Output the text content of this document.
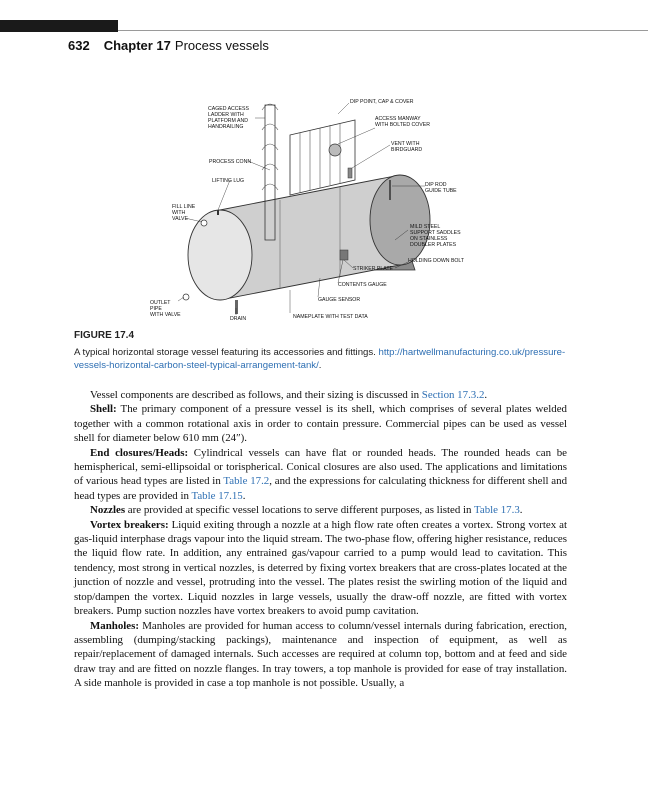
632 Chapter 17 Process vessels
DIP POINT, CAP & COVER
CAGED ACCESS
LADDER WITH
PLATFORM AND
HANDRAILING
ACCESS MANWAY
WITH BOLTED COVER
VENT WITH
BIRDGUARD
PROCESS CONN
LIFTING LUG
DIP ROD
GUIDE TUBE
FILL LINE
WITH
VALVE
MILD STEEL
SUPPORT SADDLES
ON STAINLESS
DOUBLER PLATES
HOLDING DOWN BOLT
STRIKER PLATE
CONTENTS GAUGE
GAUGE SENSOR
OUTLET
PIPE
WITH VALVE
DRAIN	NAMEPLATE WITH TEST DATA
FIGURE 17.4
A typical horizontal storage vessel featuring its accessories and fittings. http://hartwellmanufacturing.co.uk/pressure-vessels-horizontal-carbon-steel-typical-arrangement-tank/.

Vessel components are described as follows, and their sizing is discussed in Section 17.3.2.

Shell: The primary component of a pressure vessel is its shell, which comprises of several plates welded together with a common rotational axis in order to contain pressure. Commercial pipes can be used as vessel shell for diameter below 610 mm (24″).

End closures/Heads: Cylindrical vessels can have flat or rounded heads. The rounded heads can be hemispherical, semi-ellipsoidal or torispherical. Conical closures are also used. The applications and limitations of various head types are listed in Table 17.2, and the expressions for calculating thickness for different shell and head types are provided in Table 17.15.

Nozzles are provided at specific vessel locations to serve different purposes, as listed in Table 17.3.

Vortex breakers: Liquid exiting through a nozzle at a high flow rate often creates a vortex. Strong vortex at gas-liquid interphase drags vapour into the liquid stream. The two-phase flow, offering higher resistance, reduces the liquid flow rate. In addition, any entrained gas/vapour carried to a pump would lead to cavitation. This tendency, most strong in vertical nozzles, is deterred by fixing vortex breakers that are cross-plates located at the junction of nozzle and vessel, protruding into the vessel. The plates resist the swirling motion of the liquid and stop/dampen the vortex. Liquid nozzles in large vessels, usually the draw-off nozzle, are fitted with vortex breakers. Pump suction nozzles have vortex breakers to avoid pump cavitation.

Manholes: Manholes are provided for human access to column/vessel internals during fabrication, erection, assembling (dumping/stacking packings), maintenance and inspection of equipment, as well as repair/replacement of damaged internals. Such accesses are required at column top, bottom and at feed and side draw tray and are fitted on nozzle flanges. In tray towers, a top manhole is provided for ease of tray installation. A side manhole is provided in case a top manhole is not possible. Usually, a
